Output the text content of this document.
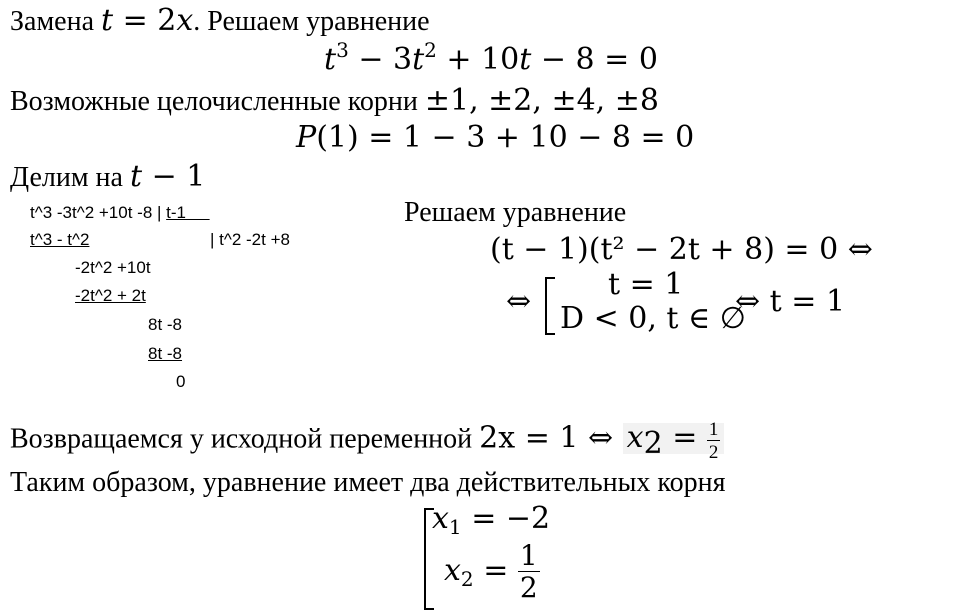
Замена t = 2x. Решаем уравнение
$t^3 - 3t^2 + 10t - 8 = 0$
Возможные целочисленные корни ±1, ±2, ±4, ±8
P(1) = 1 − 3 + 10 − 8 = 0
Делим на t − 1
t^3 -3t^2 +10t -8 | t-1
t^3 - t^2	| t^2 -2t +8
-2t^2 +10t
-2t^2 + 2t
8t -8
8t -8
0
Решаем уравнение
(t − 1)(t² − 2t + 8) = 0 ⇔
⇔	t = 1
D < 0, t ∈ ∅
⇔ t = 1
Возвращаемся у исходной переменной 2x = 1 ⇔ $x_2 = \frac{1}{2}$
Таким образом, уравнение имеет два действительных корня
$x_1 = -2$
$x_2 = \frac{1}{2}$
